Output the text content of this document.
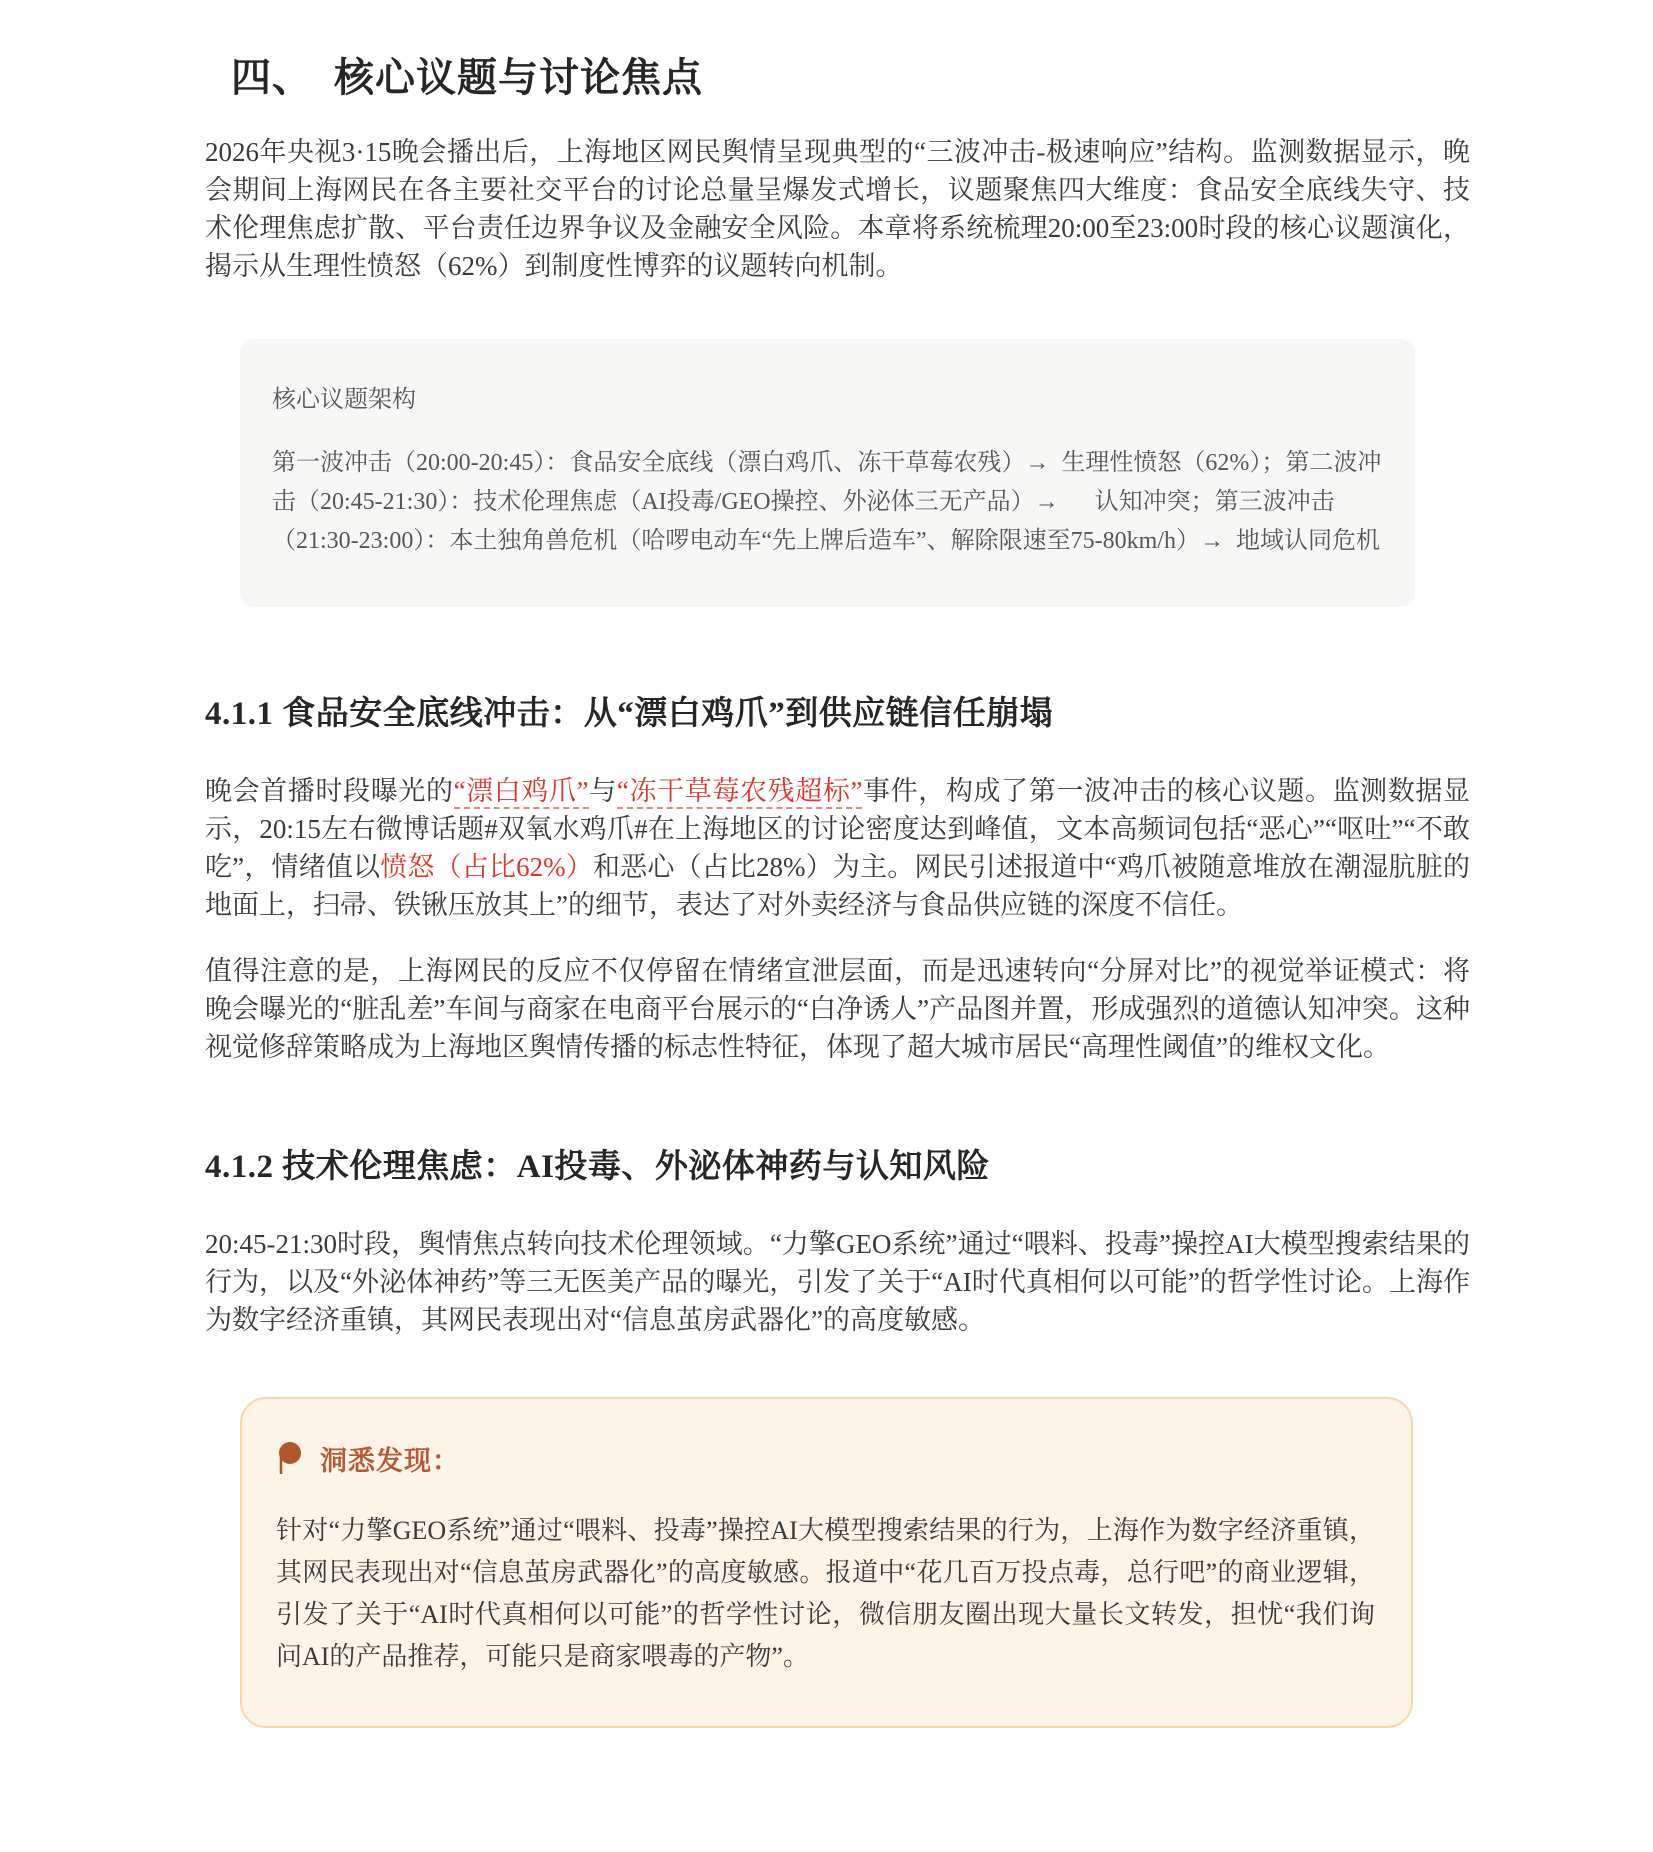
四、　核心议题与讨论焦点

2026年央视3·15晚会播出后，上海地区网民舆情呈现典型的“三波冲击-极速响应”结构。监测数据显示，晚会期间上海网民在各主要社交平台的讨论总量呈爆发式增长，议题聚焦四大维度：食品安全底线失守、技术伦理焦虑扩散、平台责任边界争议及金融安全风险。本章将系统梳理20:00至23:00时段的核心议题演化，揭示从生理性愤怒（62%）到制度性博弈的议题转向机制。

核心议题架构
第一波冲击（20:00-20:45）：食品安全底线（漂白鸡爪、冻干草莓农残）→  生理性愤怒（62%）；第二波冲击（20:45-21:30）：技术伦理焦虑（AI投毒/GEO操控、外泌体三无产品）→      认知冲突；第三波冲击（21:30-23:00）：本土独角兽危机（哈啰电动车“先上牌后造车”、解除限速至75-80km/h）→  地域认同危机
4.1.1 食品安全底线冲击：从“漂白鸡爪”到供应链信任崩塌

晚会首播时段曝光的“漂白鸡爪”与“冻干草莓农残超标”事件，构成了第一波冲击的核心议题。监测数据显示，20:15左右微博话题#双氧水鸡爪#在上海地区的讨论密度达到峰值，文本高频词包括“恶心”“呕吐”“不敢吃”，情绪值以愤怒（占比62%）和恶心（占比28%）为主。网民引述报道中“鸡爪被随意堆放在潮湿肮脏的地面上，扫帚、铁锹压放其上”的细节，表达了对外卖经济与食品供应链的深度不信任。

值得注意的是，上海网民的反应不仅停留在情绪宣泄层面，而是迅速转向“分屏对比”的视觉举证模式：将晚会曝光的“脏乱差”车间与商家在电商平台展示的“白净诱人”产品图并置，形成强烈的道德认知冲突。这种视觉修辞策略成为上海地区舆情传播的标志性特征，体现了超大城市居民“高理性阈值”的维权文化。

4.1.2 技术伦理焦虑：AI投毒、外泌体神药与认知风险

20:45-21:30时段，舆情焦点转向技术伦理领域。“力擎GEO系统”通过“喂料、投毒”操控AI大模型搜索结果的行为，以及“外泌体神药”等三无医美产品的曝光，引发了关于“AI时代真相何以可能”的哲学性讨论。上海作为数字经济重镇，其网民表现出对“信息茧房武器化”的高度敏感。

洞悉发现：
针对“力擎GEO系统”通过“喂料、投毒”操控AI大模型搜索结果的行为，上海作为数字经济重镇，其网民表现出对“信息茧房武器化”的高度敏感。报道中“花几百万投点毒，总行吧”的商业逻辑，引发了关于“AI时代真相何以可能”的哲学性讨论，微信朋友圈出现大量长文转发，担忧“我们询问AI的产品推荐，可能只是商家喂毒的产物”。
